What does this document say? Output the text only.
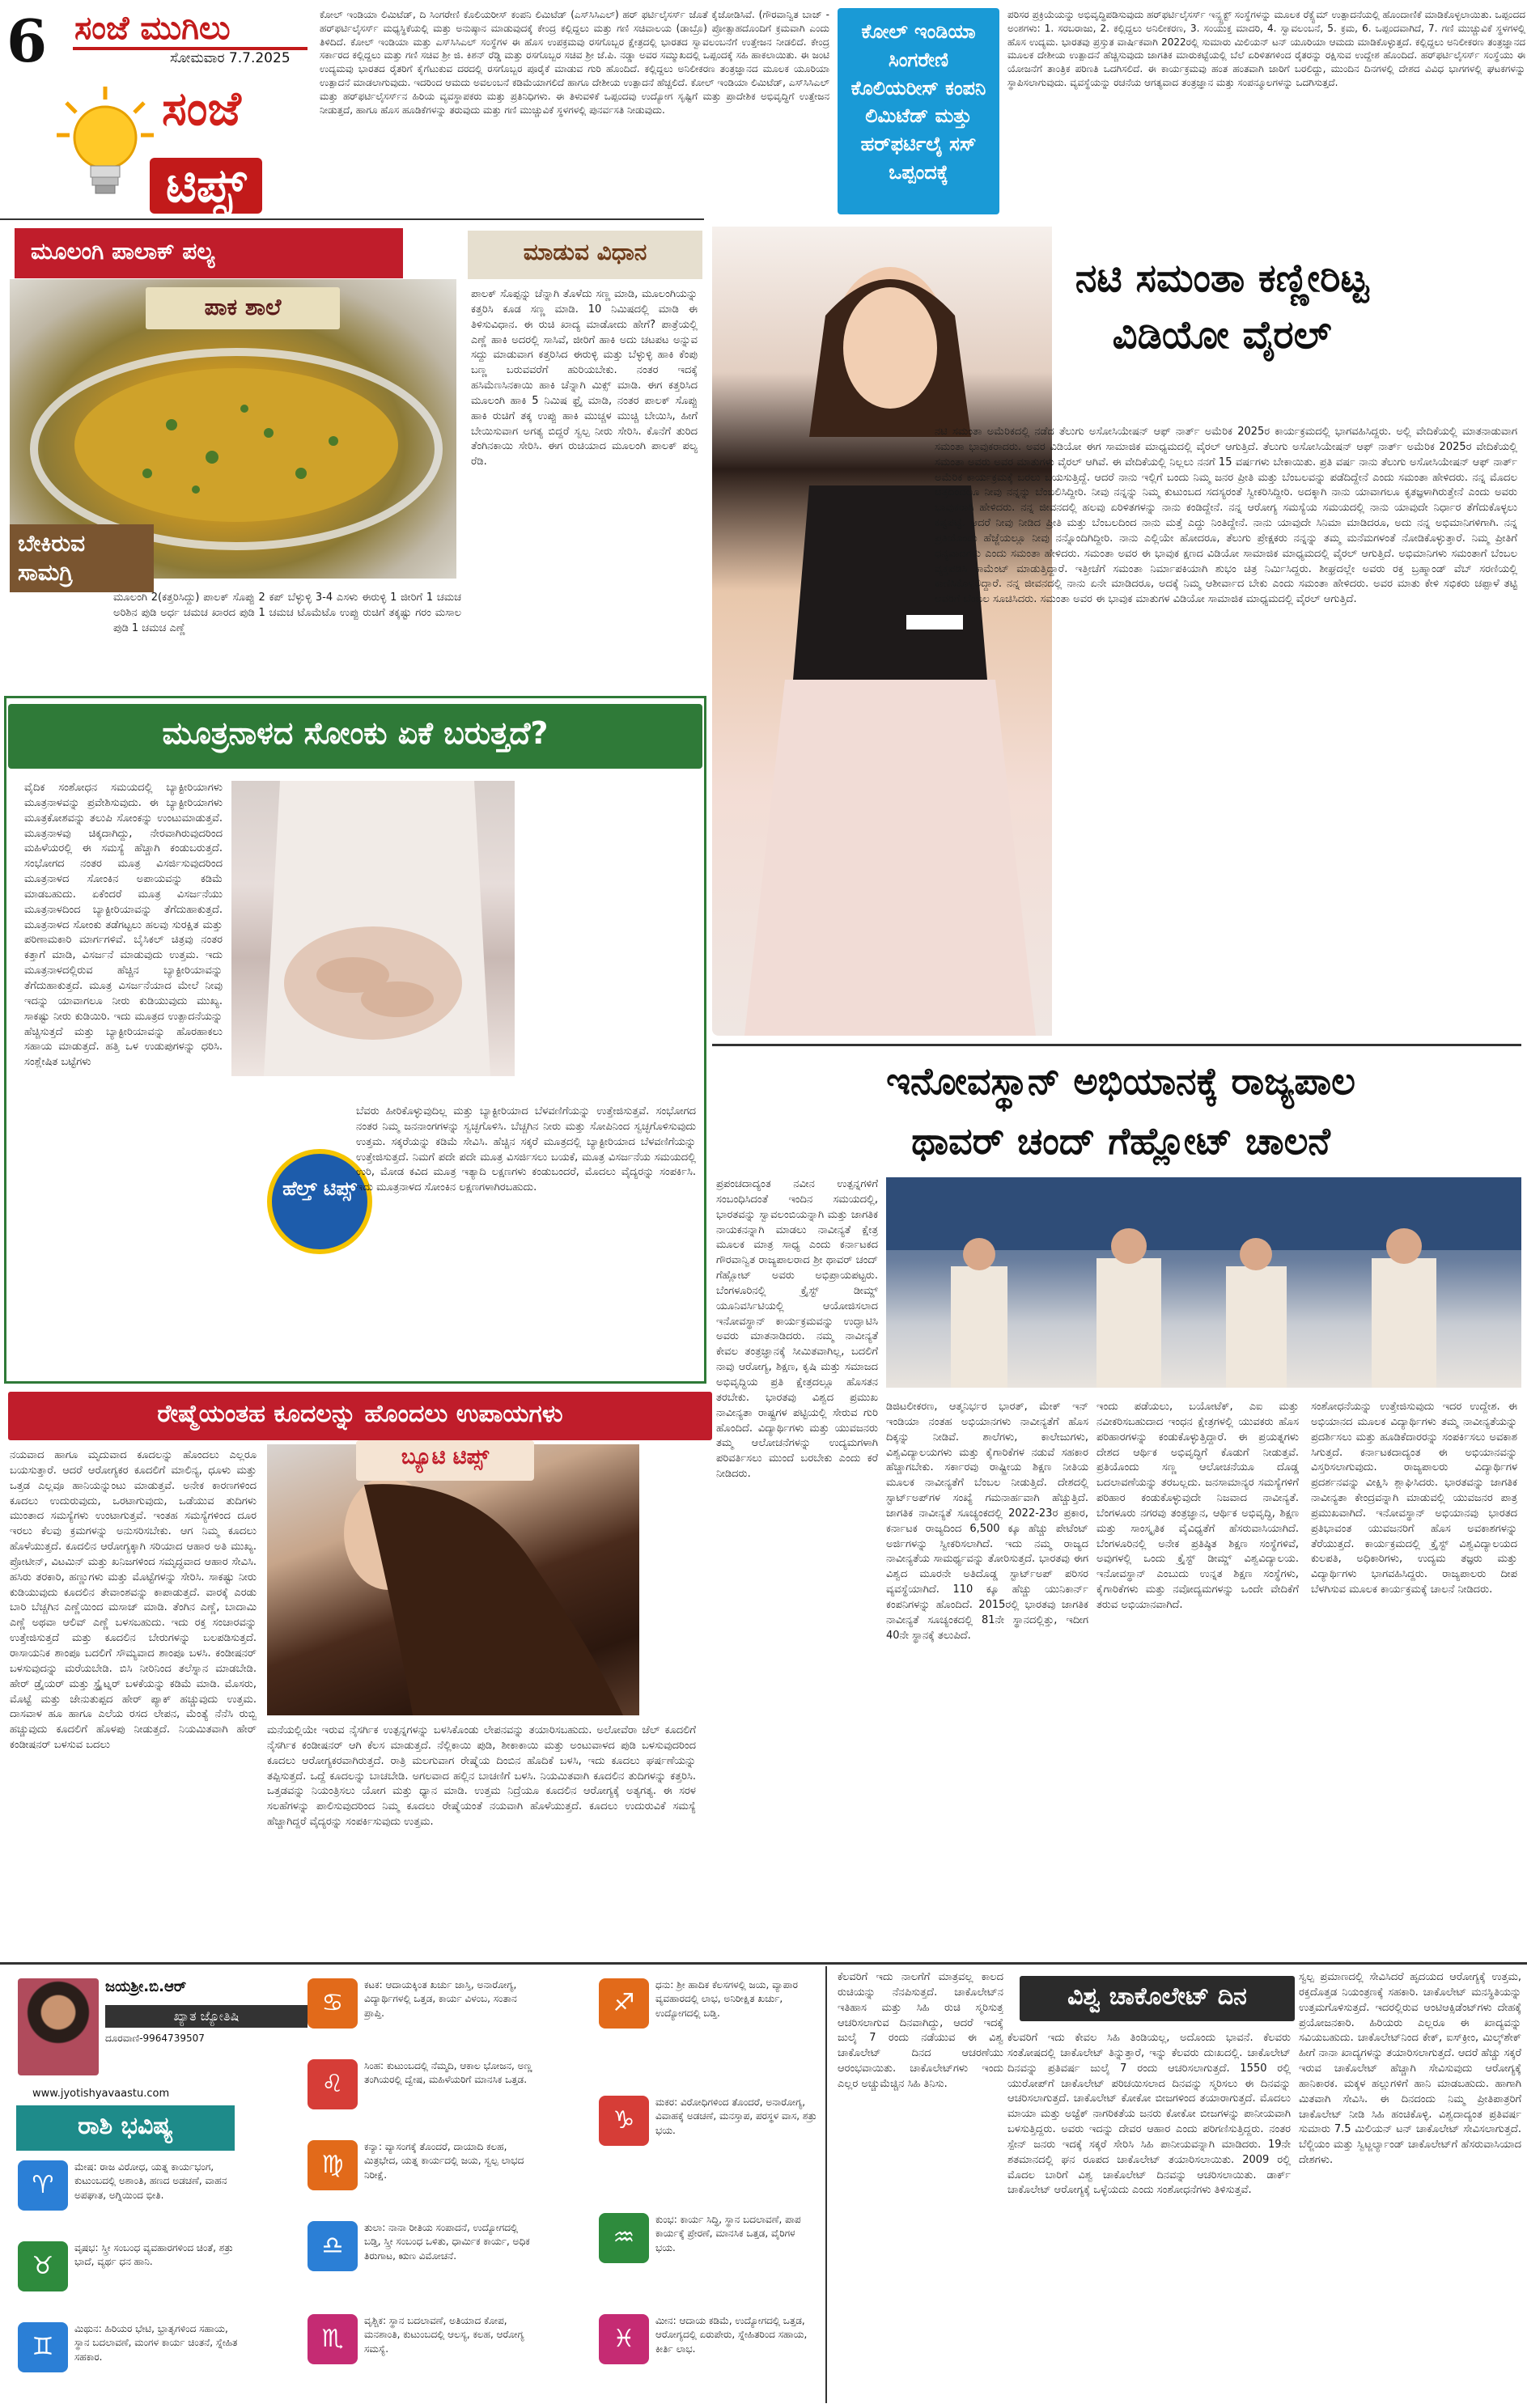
6 ಸಂಜೆ ಮುಗಿಲು
ಸೋಮವಾರ 7.7.2025
ಸಂಜೆ
ಟಿಪ್ಸ್
ಕೋಲ್ ಇಂಡಿಯಾ ಲಿಮಿಟೆಡ್, ದಿ ಸಿಂಗರೇಣಿ ಕೊಲಿಯರೀಸ್ ಕಂಪನಿ ಲಿಮಿಟೆಡ್ (ಎಸ್‌ಸಿಸಿಎಲ್) ಹರ್ ಫರ್ಟಿಲೈಸರ್ಸ್ ಜೊತೆ ಕೈಜೋಡಿಸಿವೆ. (ಗೌರವಾನ್ವಿತ ಬಾಜ್ - ಹರ್‌ಫರ್ಟಿಲೈಸರ್ಸ್ ಮಧ್ಯಸ್ಥಿಕೆಯಲ್ಲಿ ಮತ್ತು ಅನುಷ್ಠಾನ ಮಾಡುವುದಕ್ಕೆ ಕೇಂದ್ರ ಕಲ್ಲಿದ್ದಲು ಮತ್ತು ಗಣಿ ಸಚಿವಾಲಯ (ಡಾಬ್ರೊ) ಪ್ರೋತ್ಸಾಹದೊಂದಿಗೆ ಕ್ರಮವಾಗಿ ಎಂದು ತಿಳಿದಿದೆ. ಕೋಲ್ ಇಂಡಿಯಾ ಮತ್ತು ಎಸ್‌ಸಿಸಿಎಲ್ ಸಂಸ್ಥೆಗಳ ಈ ಹೊಸ ಉಪಕ್ರಮವು ರಸಗೊಬ್ಬರ ಕ್ಷೇತ್ರದಲ್ಲಿ ಭಾರತದ ಸ್ವಾವಲಂಬನೆಗೆ ಉತ್ತೇಜನ ನೀಡಲಿದೆ. ಕೇಂದ್ರ ಸರ್ಕಾರದ ಕಲ್ಲಿದ್ದಲು ಮತ್ತು ಗಣಿ ಸಚಿವ ಶ್ರೀ ಜಿ. ಕಿಶನ್ ರೆಡ್ಡಿ ಮತ್ತು ರಸಗೊಬ್ಬರ ಸಚಿವ ಶ್ರೀ ಜೆ.ಪಿ. ನಡ್ಡಾ ಅವರ ಸಮ್ಮುಖದಲ್ಲಿ ಒಪ್ಪಂದಕ್ಕೆ ಸಹಿ ಹಾಕಲಾಯಿತು. ಈ ಜಂಟಿ ಉದ್ಯಮವು ಭಾರತದ ರೈತರಿಗೆ ಕೈಗೆಟುಕುವ ದರದಲ್ಲಿ ರಸಗೊಬ್ಬರ ಪೂರೈಕೆ ಮಾಡುವ ಗುರಿ ಹೊಂದಿದೆ. ಕಲ್ಲಿದ್ದಲು ಅನಿಲೀಕರಣ ತಂತ್ರಜ್ಞಾನದ ಮೂಲಕ ಯೂರಿಯಾ ಉತ್ಪಾದನೆ ಮಾಡಲಾಗುವುದು. ಇದರಿಂದ ಆಮದು ಅವಲಂಬನೆ ಕಡಿಮೆಯಾಗಲಿದೆ ಹಾಗೂ ದೇಶೀಯ ಉತ್ಪಾದನೆ ಹೆಚ್ಚಲಿದೆ. ಕೋಲ್ ಇಂಡಿಯಾ ಲಿಮಿಟೆಡ್, ಎಸ್‌ಸಿಸಿಎಲ್ ಮತ್ತು ಹರ್‌ಫರ್ಟಿಲೈಸರ್ಸ್‌ನ ಹಿರಿಯ ವ್ಯವಸ್ಥಾಪಕರು ಮತ್ತು ಪ್ರತಿನಿಧಿಗಳು. ಈ ತಿಳುವಳಿಕೆ ಒಪ್ಪಂದವು ಉದ್ಯೋಗ ಸೃಷ್ಟಿಗೆ ಮತ್ತು ಪ್ರಾದೇಶಿಕ ಅಭಿವೃದ್ಧಿಗೆ ಉತ್ತೇಜನ ನೀಡುತ್ತದೆ, ಹಾಗೂ ಹೊಸ ಹೂಡಿಕೆಗಳನ್ನು ತರುವುದು ಮತ್ತು ಗಣಿ ಮುಚ್ಚುವಿಕೆ ಸ್ಥಳಗಳಲ್ಲಿ ಪುನರ್ವಸತಿ ನೀಡುವುದು.
ಕೋಲ್ ಇಂಡಿಯಾ ಸಿಂಗರೇಣಿ ಕೊಲಿಯರೀಸ್ ಕಂಪನಿ ಲಿಮಿಟೆಡ್ ಮತ್ತು ಹರ್‌ಫರ್ಟಿಲೈ ಸಸ್ ಒಪ್ಪಂದಕ್ಕೆ
ಪರಿಸರ ಪ್ರಕ್ರಿಯೆಯನ್ನು ಅಭಿವೃದ್ಧಿಪಡಿಸುವುದು ಹರ್‌ಫರ್ಟಿಲೈಸರ್ಸ್ ಇನ್ಸ್ಟ್ರಕ್ಟ್ ಸಂಸ್ಥೆಗಳನ್ನು ಮೂಲಕ ರೆಕ್ಸ್ಟೆಮ್ ಉತ್ಪಾದನೆಯಲ್ಲಿ ಹೊಂದಾಣಿಕೆ ಮಾಡಿಕೊಳ್ಳಲಾಯಿತು. ಒಪ್ಪಂದದ ಅಂಶಗಳು: 1. ಸರಬರಾಜು, 2. ಕಲ್ಲಿದ್ದಲು ಅನಿಲೀಕರಣ, 3. ಸಂಯುಕ್ತ ಮಾದರಿ, 4. ಸ್ವಾವಲಂಬನೆ, 5. ಕ್ರಮ, 6. ಒಪ್ಪಂದವಾಗಿದೆ, 7. ಗಣಿ ಮುಚ್ಚುವಿಕೆ ಸ್ಥಳಗಳಲ್ಲಿ ಹೊಸ ಉದ್ಯಮ. ಭಾರತವು ಪ್ರಸ್ತುತ ವಾರ್ಷಿಕವಾಗಿ 2022ರಲ್ಲಿ ಸುಮಾರು ಮಿಲಿಯನ್ ಟನ್ ಯೂರಿಯಾ ಆಮದು ಮಾಡಿಕೊಳ್ಳುತ್ತದೆ. ಕಲ್ಲಿದ್ದಲು ಅನಿಲೀಕರಣ ತಂತ್ರಜ್ಞಾನದ ಮೂಲಕ ದೇಶೀಯ ಉತ್ಪಾದನೆ ಹೆಚ್ಚಿಸುವುದು ಜಾಗತಿಕ ಮಾರುಕಟ್ಟೆಯಲ್ಲಿ ಬೆಲೆ ಏರಿಳಿತಗಳಿಂದ ರೈತರನ್ನು ರಕ್ಷಿಸುವ ಉದ್ದೇಶ ಹೊಂದಿದೆ. ಹರ್‌ಫರ್ಟಿಲೈಸರ್ಸ್ ಸಂಸ್ಥೆಯು ಈ ಯೋಜನೆಗೆ ತಾಂತ್ರಿಕ ಪರಿಣತಿ ಒದಗಿಸಲಿದೆ. ಈ ಕಾರ್ಯಕ್ರಮವು ಹಂತ ಹಂತವಾಗಿ ಜಾರಿಗೆ ಬರಲಿದ್ದು, ಮುಂದಿನ ದಿನಗಳಲ್ಲಿ ದೇಶದ ವಿವಿಧ ಭಾಗಗಳಲ್ಲಿ ಘಟಕಗಳನ್ನು ಸ್ಥಾಪಿಸಲಾಗುವುದು. ವ್ಯವಸ್ಥೆಯನ್ನು ರಚನೆಯ ಆಗತ್ಯವಾದ ತಂತ್ರಜ್ಞಾನ ಮತ್ತು ಸಂಪನ್ಮೂಲಗಳನ್ನು ಒದಗಿಸುತ್ತದೆ.
ಮೂಲಂಗಿ ಪಾಲಾಕ್ ಪಲ್ಯ	ಮಾಡುವ ವಿಧಾನ
ಪಾಕ ಶಾಲೆ
ಬೇಕಿರುವ ಸಾಮಗ್ರಿ
ಪಾಲಕ್ ಸೊಪ್ಪನ್ನು ಚೆನ್ನಾಗಿ ತೊಳೆದು ಸಣ್ಣ ಮಾಡಿ, ಮೂಲಂಗಿಯನ್ನು ಕತ್ತರಿಸಿ ಕೂಡ ಸಣ್ಣ ಮಾಡಿ. 10 ನಿಮಿಷದಲ್ಲಿ ಮಾಡಿ ಈ ತಿಳಿಸುವಿಧಾನ. ಈ ರುಚಿ ಖಾದ್ಯ ಮಾಡೋದು ಹೇಗೆ? ಪಾತ್ರೆಯಲ್ಲಿ ಎಣ್ಣೆ ಹಾಕಿ ಅದರಲ್ಲಿ ಸಾಸಿವೆ, ಜೀರಿಗೆ ಹಾಕಿ ಅದು ಚಟಪಟ ಅನ್ನುವ ಸದ್ದು ಮಾಡುವಾಗ ಕತ್ತರಿಸಿದ ಈರುಳ್ಳಿ ಮತ್ತು ಬೆಳ್ಳುಳ್ಳಿ ಹಾಕಿ ಕೆಂಪು ಬಣ್ಣ ಬರುವವರೆಗೆ ಹುರಿಯಬೇಕು. ನಂತರ ಇದಕ್ಕೆ ಹಸಿಮೆಣಸಿನಕಾಯಿ ಹಾಕಿ ಚೆನ್ನಾಗಿ ಮಿಕ್ಸ್ ಮಾಡಿ. ಈಗ ಕತ್ತರಿಸಿದ ಮೂಲಂಗಿ ಹಾಕಿ 5 ನಿಮಿಷ ಫ್ರೈ ಮಾಡಿ, ನಂತರ ಪಾಲಕ್ ಸೊಪ್ಪು ಹಾಕಿ ರುಚಿಗೆ ತಕ್ಕ ಉಪ್ಪು ಹಾಕಿ ಮುಚ್ಚಳ ಮುಚ್ಚಿ ಬೇಯಿಸಿ, ಹೀಗೆ ಬೇಯಿಸುವಾಗ ಅಗತ್ಯ ಬಿದ್ದರೆ ಸ್ವಲ್ಪ ನೀರು ಸೇರಿಸಿ. ಕೊನೆಗೆ ತುರಿದ ತೆಂಗಿನಕಾಯಿ ಸೇರಿಸಿ. ಈಗ ರುಚಿಯಾದ ಮೂಲಂಗಿ ಪಾಲಕ್ ಪಲ್ಯ ರೆಡಿ.
ಮೂಲಂಗಿ 2(ಕತ್ತರಿಸಿದ್ದು) ಪಾಲಕ್ ಸೊಪ್ಪು 2 ಕಪ್ ಬೆಳ್ಳುಳ್ಳಿ 3-4 ಎಸಳು ಈರುಳ್ಳಿ 1 ಜೀರಿಗೆ 1 ಚಮಚ ಅರಿಶಿನ ಪುಡಿ ಅರ್ಧ ಚಮಚ ಖಾರದ ಪುಡಿ 1 ಚಮಚ ಟೊಮೆಟೊ ಉಪ್ಪು ರುಚಿಗೆ ತಕ್ಕಷ್ಟು ಗರಂ ಮಸಾಲ ಪುಡಿ 1 ಚಮಚ ಎಣ್ಣೆ
ಮೂತ್ರನಾಳದ ಸೋಂಕು ಏಕೆ ಬರುತ್ತದೆ?
ವೈದಿಕ ಸಂಶೋಧನ ಸಮಯದಲ್ಲಿ ಬ್ಯಾಕ್ಟೀರಿಯಾಗಳು ಮೂತ್ರನಾಳವನ್ನು ಪ್ರವೇಶಿಸುವುದು. ಈ ಬ್ಯಾಕ್ಟೀರಿಯಾಗಳು ಮೂತ್ರಕೋಶವನ್ನು ತಲುಪಿ ಸೋಂಕನ್ನು ಉಂಟುಮಾಡುತ್ತವೆ. ಮೂತ್ರನಾಳವು ಚಿಕ್ಕದಾಗಿದ್ದು, ನೇರವಾಗಿರುವುದರಿಂದ ಮಹಿಳೆಯರಲ್ಲಿ ಈ ಸಮಸ್ಯೆ ಹೆಚ್ಚಾಗಿ ಕಂಡುಬರುತ್ತದೆ. ಸಂಭೋಗದ ನಂತರ ಮೂತ್ರ ವಿಸರ್ಜಿಸುವುದರಿಂದ ಮೂತ್ರನಾಳದ ಸೋಂಕಿನ ಅಪಾಯವನ್ನು ಕಡಿಮೆ ಮಾಡಬಹುದು. ಏಕೆಂದರೆ ಮೂತ್ರ ವಿಸರ್ಜನೆಯು ಮೂತ್ರನಾಳದಿಂದ ಬ್ಯಾಕ್ಟೀರಿಯಾವನ್ನು ತೆಗೆದುಹಾಕುತ್ತದೆ. ಮೂತ್ರನಾಳದ ಸೋಂಕು ತಡೆಗಟ್ಟಲು ಹಲವು ಸುರಕ್ಷಿತ ಮತ್ತು ಪರಿಣಾಮಕಾರಿ ಮಾರ್ಗಗಳಿವೆ. ಬೈಸಿಕಲ್ ಚಿತ್ರವು ನಂತರ ಕತ್ತಾಗೆ ಮಾಡಿ, ವಿಸರ್ಜನೆ ಮಾಡುವುದು ಉತ್ತಮ. ಇದು ಮೂತ್ರನಾಳದಲ್ಲಿರುವ ಹೆಚ್ಚಿನ ಬ್ಯಾಕ್ಟೀರಿಯಾವನ್ನು ತೆಗೆದುಹಾಕುತ್ತದೆ. ಮೂತ್ರ ವಿಸರ್ಜನೆಯಾದ ಮೇಲೆ ನೀವು ಇದನ್ನು ಯಾವಾಗಲೂ ನೀರು ಕುಡಿಯುವುದು ಮುಖ್ಯ. ಸಾಕಷ್ಟು ನೀರು ಕುಡಿಯಿರಿ. ಇದು ಮೂತ್ರದ ಉತ್ಪಾದನೆಯನ್ನು ಹೆಚ್ಚಿಸುತ್ತದೆ ಮತ್ತು ಬ್ಯಾಕ್ಟೀರಿಯಾವನ್ನು ಹೊರಹಾಕಲು ಸಹಾಯ ಮಾಡುತ್ತದೆ. ಹತ್ತಿ ಒಳ ಉಡುಪುಗಳನ್ನು ಧರಿಸಿ. ಸಂಶ್ಲೇಷಿತ ಬಟ್ಟೆಗಳು
ಹೆಲ್ತ್ ಟಿಪ್ಸ್
ಬೆವರು ಹೀರಿಕೊಳ್ಳುವುದಿಲ್ಲ ಮತ್ತು ಬ್ಯಾಕ್ಟೀರಿಯಾದ ಬೆಳವಣಿಗೆಯನ್ನು ಉತ್ತೇಜಿಸುತ್ತವೆ. ಸಂಭೋಗದ ನಂತರ ನಿಮ್ಮ ಜನನಾಂಗಗಳನ್ನು ಸ್ವಚ್ಛಗೊಳಿಸಿ. ಬೆಚ್ಚಗಿನ ನೀರು ಮತ್ತು ಸೋಪಿನಿಂದ ಸ್ವಚ್ಛಗೊಳಿಸುವುದು ಉತ್ತಮ. ಸಕ್ಕರೆಯನ್ನು ಕಡಿಮೆ ಸೇವಿಸಿ. ಹೆಚ್ಚಿನ ಸಕ್ಕರೆ ಮೂತ್ರದಲ್ಲಿ ಬ್ಯಾಕ್ಟೀರಿಯಾದ ಬೆಳವಣಿಗೆಯನ್ನು ಉತ್ತೇಜಿಸುತ್ತದೆ. ನಿಮಗೆ ಪದೇ ಪದೇ ಮೂತ್ರ ವಿಸರ್ಜಿಸಲು ಬಯಕೆ, ಮೂತ್ರ ವಿಸರ್ಜನೆಯ ಸಮಯದಲ್ಲಿ ಉರಿ, ಮೋಡ ಕವಿದ ಮೂತ್ರ ಇತ್ಯಾದಿ ಲಕ್ಷಣಗಳು ಕಂಡುಬಂದರೆ, ಮೊದಲು ವೈದ್ಯರನ್ನು ಸಂಪರ್ಕಿಸಿ. ಇದು ಮೂತ್ರನಾಳದ ಸೋಂಕಿನ ಲಕ್ಷಣಗಳಾಗಿರಬಹುದು.
ರೇಷ್ಮೆಯಂತಹ ಕೂದಲನ್ನು ಹೊಂದಲು ಉಪಾಯಗಳು
ಬ್ಯೂಟಿ ಟಿಪ್ಸ್
ನಯವಾದ ಹಾಗೂ ಮೃದುವಾದ ಕೂದಲನ್ನು ಹೊಂದಲು ಎಲ್ಲರೂ ಬಯಸುತ್ತಾರೆ. ಆದರೆ ಆರೋಗ್ಯಕರ ಕೂದಲಿಗೆ ಮಾಲಿನ್ಯ, ಧೂಳು ಮತ್ತು ಒತ್ತಡ ಎಲ್ಲವೂ ಹಾನಿಯನ್ನುಂಟು ಮಾಡುತ್ತವೆ. ಅನೇಕ ಕಾರಣಗಳಿಂದ ಕೂದಲು ಉದುರುವುದು, ಒರಟಾಗುವುದು, ಒಡೆಯುವ ತುದಿಗಳು ಮುಂತಾದ ಸಮಸ್ಯೆಗಳು ಉಂಟಾಗುತ್ತವೆ. ಇಂತಹ ಸಮಸ್ಯೆಗಳಿಂದ ದೂರ ಇರಲು ಕೆಲವು ಕ್ರಮಗಳನ್ನು ಅನುಸರಿಸಬೇಕು. ಆಗ ನಿಮ್ಮ ಕೂದಲು ಹೊಳೆಯುತ್ತದೆ. ಕೂದಲಿನ ಆರೋಗ್ಯಕ್ಕಾಗಿ ಸರಿಯಾದ ಆಹಾರ ಅತಿ ಮುಖ್ಯ. ಪ್ರೋಟೀನ್, ವಿಟಮಿನ್ ಮತ್ತು ಖನಿಜಗಳಿಂದ ಸಮೃದ್ಧವಾದ ಆಹಾರ ಸೇವಿಸಿ. ಹಸಿರು ತರಕಾರಿ, ಹಣ್ಣುಗಳು ಮತ್ತು ಮೊಟ್ಟೆಗಳನ್ನು ಸೇರಿಸಿ. ಸಾಕಷ್ಟು ನೀರು ಕುಡಿಯುವುದು ಕೂದಲಿನ ತೇವಾಂಶವನ್ನು ಕಾಪಾಡುತ್ತದೆ. ವಾರಕ್ಕೆ ಎರಡು ಬಾರಿ ಬೆಚ್ಚಗಿನ ಎಣ್ಣೆಯಿಂದ ಮಸಾಜ್ ಮಾಡಿ. ತೆಂಗಿನ ಎಣ್ಣೆ, ಬಾದಾಮಿ ಎಣ್ಣೆ ಅಥವಾ ಆಲಿವ್ ಎಣ್ಣೆ ಬಳಸಬಹುದು. ಇದು ರಕ್ತ ಸಂಚಾರವನ್ನು ಉತ್ತೇಜಿಸುತ್ತದೆ ಮತ್ತು ಕೂದಲಿನ ಬೇರುಗಳನ್ನು ಬಲಪಡಿಸುತ್ತದೆ. ರಾಸಾಯನಿಕ ಶಾಂಪೂ ಬದಲಿಗೆ ಸೌಮ್ಯವಾದ ಶಾಂಪೂ ಬಳಸಿ. ಕಂಡೀಷನರ್ ಬಳಸುವುದನ್ನು ಮರೆಯಬೇಡಿ. ಬಿಸಿ ನೀರಿನಿಂದ ತಲೆಸ್ನಾನ ಮಾಡಬೇಡಿ. ಹೇರ್ ಡ್ರೈಯರ್ ಮತ್ತು ಸ್ಟ್ರೈಟ್ನರ್ ಬಳಕೆಯನ್ನು ಕಡಿಮೆ ಮಾಡಿ. ಮೊಸರು, ಮೊಟ್ಟೆ ಮತ್ತು ಜೇನುತುಪ್ಪದ ಹೇರ್ ಪ್ಯಾಕ್ ಹಚ್ಚುವುದು ಉತ್ತಮ. ದಾಸವಾಳ ಹೂ ಹಾಗೂ ಎಲೆಯ ರಸದ ಲೇಪನ, ಮೆಂತ್ಯೆ ನೆನೆಸಿ ರುಬ್ಬಿ ಹಚ್ಚುವುದು ಕೂದಲಿಗೆ ಹೊಳಪು ನೀಡುತ್ತದೆ. ನಿಯಮಿತವಾಗಿ ಹೇರ್ ಕಂಡೀಷನರ್ ಬಳಸುವ ಬದಲು
ಮನೆಯಲ್ಲಿಯೇ ಇರುವ ನೈಸರ್ಗಿಕ ಉತ್ಪನ್ನಗಳನ್ನು ಬಳಸಿಕೊಂಡು ಲೇಪನವನ್ನು ತಯಾರಿಸಬಹುದು. ಅಲೋವೆರಾ ಜೆಲ್ ಕೂದಲಿಗೆ ನೈಸರ್ಗಿಕ ಕಂಡೀಷನರ್ ಆಗಿ ಕೆಲಸ ಮಾಡುತ್ತದೆ. ನೆಲ್ಲಿಕಾಯಿ ಪುಡಿ, ಶೀಕಾಕಾಯಿ ಮತ್ತು ಅಂಟುವಾಳದ ಪುಡಿ ಬಳಸುವುದರಿಂದ ಕೂದಲು ಆರೋಗ್ಯಕರವಾಗಿರುತ್ತದೆ. ರಾತ್ರಿ ಮಲಗುವಾಗ ರೇಷ್ಮೆಯ ದಿಂಬಿನ ಹೊದಿಕೆ ಬಳಸಿ, ಇದು ಕೂದಲು ಘರ್ಷಣೆಯನ್ನು ತಪ್ಪಿಸುತ್ತದೆ. ಒದ್ದೆ ಕೂದಲನ್ನು ಬಾಚಬೇಡಿ. ಅಗಲವಾದ ಹಲ್ಲಿನ ಬಾಚಣಿಗೆ ಬಳಸಿ. ನಿಯಮಿತವಾಗಿ ಕೂದಲಿನ ತುದಿಗಳನ್ನು ಕತ್ತರಿಸಿ. ಒತ್ತಡವನ್ನು ನಿಯಂತ್ರಿಸಲು ಯೋಗ ಮತ್ತು ಧ್ಯಾನ ಮಾಡಿ. ಉತ್ತಮ ನಿದ್ರೆಯೂ ಕೂದಲಿನ ಆರೋಗ್ಯಕ್ಕೆ ಅತ್ಯಗತ್ಯ. ಈ ಸರಳ ಸಲಹೆಗಳನ್ನು ಪಾಲಿಸುವುದರಿಂದ ನಿಮ್ಮ ಕೂದಲು ರೇಷ್ಮೆಯಂತೆ ನಯವಾಗಿ ಹೊಳೆಯುತ್ತದೆ. ಕೂದಲು ಉದುರುವಿಕೆ ಸಮಸ್ಯೆ ಹೆಚ್ಚಾಗಿದ್ದರೆ ವೈದ್ಯರನ್ನು ಸಂಪರ್ಕಿಸುವುದು ಉತ್ತಮ.
ನಟಿ ಸಮಂತಾ ಕಣ್ಣೀರಿಟ್ಟ
ವಿಡಿಯೋ ವೈರಲ್
ನಟಿ ಸಮಂತಾ ಅಮೆರಿಕದಲ್ಲಿ ನಡೆದ ತೆಲುಗು ಅಸೋಸಿಯೇಷನ್ ಆಫ್ ನಾರ್ತ್ ಅಮೆರಿಕ 2025ರ ಕಾರ್ಯಕ್ರಮದಲ್ಲಿ ಭಾಗವಹಿಸಿದ್ದರು. ಅಲ್ಲಿ ವೇದಿಕೆಯಲ್ಲಿ ಮಾತನಾಡುವಾಗ ಸಮಂತಾ ಭಾವುಕರಾದರು. ಅವರ ವಿಡಿಯೋ ಈಗ ಸಾಮಾಜಿಕ ಮಾಧ್ಯಮದಲ್ಲಿ ವೈರಲ್ ಆಗುತ್ತಿದೆ. ತೆಲುಗು ಅಸೋಸಿಯೇಷನ್ ಆಫ್ ನಾರ್ತ್ ಅಮೆರಿಕ 2025ರ ವೇದಿಕೆಯಲ್ಲಿ ಸಮಂತಾ ಅವರು ಅವರ ಮಾತುಗಳು ವೈರಲ್ ಆಗಿವೆ. ಈ ವೇದಿಕೆಯಲ್ಲಿ ನಿಲ್ಲಲು ನನಗೆ 15 ವರ್ಷಗಳು ಬೇಕಾಯಿತು. ಪ್ರತಿ ವರ್ಷ ನಾನು ತೆಲುಗು ಅಸೋಸಿಯೇಷನ್ ಆಫ್ ನಾರ್ತ್ ಅಮೆರಿಕ ಕಾರ್ಯಕ್ರಮಕ್ಕೆ ಬರಲು ಬಯಸುತ್ತಿದ್ದೆ. ಆದರೆ ನಾನು ಇಲ್ಲಿಗೆ ಬಂದು ನಿಮ್ಮ ಜನರ ಪ್ರೀತಿ ಮತ್ತು ಬೆಂಬಲವನ್ನು ಪಡೆದಿದ್ದೇನೆ ಎಂದು ಸಮಂತಾ ಹೇಳಿದರು. ನನ್ನ ಮೊದಲ ಚಿತ್ರದಿಂದಲೂ ನೀವು ನನ್ನನ್ನು ಬೆಂಬಲಿಸಿದ್ದೀರಿ. ನೀವು ನನ್ನನ್ನು ನಿಮ್ಮ ಕುಟುಂಬದ ಸದಸ್ಯರಂತೆ ಸ್ವೀಕರಿಸಿದ್ದೀರಿ. ಅದಕ್ಕಾಗಿ ನಾನು ಯಾವಾಗಲೂ ಕೃತಜ್ಞಳಾಗಿರುತ್ತೇನೆ ಎಂದು ಅವರು ಭಾವುಕರಾಗಿ ಹೇಳಿದರು. ನನ್ನ ಜೀವನದಲ್ಲಿ ಹಲವು ಏರಿಳಿತಗಳನ್ನು ನಾನು ಕಂಡಿದ್ದೇನೆ. ನನ್ನ ಆರೋಗ್ಯ ಸಮಸ್ಯೆಯ ಸಮಯದಲ್ಲಿ ನಾನು ಯಾವುದೇ ನಿರ್ಧಾರ ತೆಗೆದುಕೊಳ್ಳಲು ಕಷ್ಟಪಟ್ಟೆ. ಆದರೆ ನೀವು ನೀಡಿದ ಪ್ರೀತಿ ಮತ್ತು ಬೆಂಬಲದಿಂದ ನಾನು ಮತ್ತೆ ಎದ್ದು ನಿಂತಿದ್ದೇನೆ. ನಾನು ಯಾವುದೇ ಸಿನಿಮಾ ಮಾಡಿದರೂ, ಅದು ನನ್ನ ಅಭಿಮಾನಿಗಳಿಗಾಗಿ. ನನ್ನ ಪ್ರತಿಯೊಂದು ಹೆಜ್ಜೆಯಲ್ಲೂ ನೀವು ನನ್ನೊಂದಿಗಿದ್ದೀರಿ. ನಾನು ಎಲ್ಲಿಯೇ ಹೋದರೂ, ತೆಲುಗು ಪ್ರೇಕ್ಷಕರು ನನ್ನನ್ನು ತಮ್ಮ ಮನೆಮಗಳಂತೆ ನೋಡಿಕೊಳ್ಳುತ್ತಾರೆ. ನಿಮ್ಮ ಪ್ರೀತಿಗೆ ಧನ್ಯವಾದಗಳು ಎಂದು ಸಮಂತಾ ಹೇಳಿದರು. ಸಮಂತಾ ಅವರ ಈ ಭಾವುಕ ಕ್ಷಣದ ವಿಡಿಯೋ ಸಾಮಾಜಿಕ ಮಾಧ್ಯಮದಲ್ಲಿ ವೈರಲ್ ಆಗುತ್ತಿದೆ. ಅಭಿಮಾನಿಗಳು ಸಮಂತಾಗೆ ಬೆಂಬಲ ವ್ಯಕ್ತಪಡಿಸಿ ಕಾಮೆಂಟ್ ಮಾಡುತ್ತಿದ್ದಾರೆ. ಇತ್ತೀಚೆಗೆ ಸಮಂತಾ ನಿರ್ಮಾಪಕಿಯಾಗಿ ಶುಭಂ ಚಿತ್ರ ನಿರ್ಮಿಸಿದ್ದರು. ಶೀಘ್ರದಲ್ಲೇ ಅವರು ರಕ್ತ ಬ್ರಹ್ಮಾಂಡ್ ವೆಬ್ ಸರಣಿಯಲ್ಲಿ ಕಾಣಿಸಿಕೊಳ್ಳಲಿದ್ದಾರೆ. ನನ್ನ ಜೀವನದಲ್ಲಿ ನಾನು ಏನೇ ಮಾಡಿದರೂ, ಅದಕ್ಕೆ ನಿಮ್ಮ ಆಶೀರ್ವಾದ ಬೇಕು ಎಂದು ಸಮಂತಾ ಹೇಳಿದರು. ಅವರ ಮಾತು ಕೇಳಿ ಸಭಿಕರು ಚಪ್ಪಾಳೆ ತಟ್ಟಿ ಅವರಿಗೆ ಬೆಂಬಲ ಸೂಚಿಸಿದರು. ಸಮಂತಾ ಅವರ ಈ ಭಾವುಕ ಮಾತುಗಳ ವಿಡಿಯೋ ಸಾಮಾಜಿಕ ಮಾಧ್ಯಮದಲ್ಲಿ ವೈರಲ್ ಆಗುತ್ತಿದೆ.
ಇನೋವಸ್ಥಾನ್ ಅಭಿಯಾನಕ್ಕೆ ರಾಜ್ಯಪಾಲ
ಥಾವರ್ ಚಂದ್ ಗೆಹ್ಲೋಟ್ ಚಾಲನೆ
ಪ್ರಪಂಚದಾದ್ಯಂತ ನವೀನ ಉತ್ಪನ್ನಗಳಿಗೆ ಸಂಬಂಧಿಸಿದಂತೆ ಇಂದಿನ ಸಮಯದಲ್ಲಿ, ಭಾರತವನ್ನು ಸ್ವಾವಲಂಬಿಯನ್ನಾಗಿ ಮತ್ತು ಜಾಗತಿಕ ನಾಯಕನನ್ನಾಗಿ ಮಾಡಲು ನಾವೀನ್ಯತೆ ಕ್ಷೇತ್ರ ಮೂಲಕ ಮಾತ್ರ ಸಾಧ್ಯ ಎಂದು ಕರ್ನಾಟಕದ ಗೌರವಾನ್ವಿತ ರಾಜ್ಯಪಾಲರಾದ ಶ್ರೀ ಥಾವರ್ ಚಂದ್ ಗೆಹ್ಲೋಟ್ ಅವರು ಅಭಿಪ್ರಾಯಪಟ್ಟರು. ಬೆಂಗಳೂರಿನಲ್ಲಿ ಕ್ರೈಸ್ಟ್ ಡೀಮ್ಡ್ ಯೂನಿವರ್ಸಿಟಿಯಲ್ಲಿ ಆಯೋಜಿಸಲಾದ ಇನೋವಸ್ಥಾನ್ ಕಾರ್ಯಕ್ರಮವನ್ನು ಉದ್ಘಾಟಿಸಿ ಅವರು ಮಾತನಾಡಿದರು. ನಮ್ಮ ನಾವೀನ್ಯತೆ ಕೇವಲ ತಂತ್ರಜ್ಞಾನಕ್ಕೆ ಸೀಮಿತವಾಗಿಲ್ಲ, ಬದಲಿಗೆ ನಾವು ಆರೋಗ್ಯ, ಶಿಕ್ಷಣ, ಕೃಷಿ ಮತ್ತು ಸಮಾಜದ ಅಭಿವೃದ್ಧಿಯ ಪ್ರತಿ ಕ್ಷೇತ್ರದಲ್ಲೂ ಹೊಸತನ ತರಬೇಕು. ಭಾರತವು ವಿಶ್ವದ ಪ್ರಮುಖ ನಾವೀನ್ಯತಾ ರಾಷ್ಟ್ರಗಳ ಪಟ್ಟಿಯಲ್ಲಿ ಸೇರುವ ಗುರಿ ಹೊಂದಿದೆ. ವಿದ್ಯಾರ್ಥಿಗಳು ಮತ್ತು ಯುವಜನರು ತಮ್ಮ ಆಲೋಚನೆಗಳನ್ನು ಉದ್ಯಮಗಳಾಗಿ ಪರಿವರ್ತಿಸಲು ಮುಂದೆ ಬರಬೇಕು ಎಂದು ಕರೆ ನೀಡಿದರು.
ಡಿಜಿಟಲೀಕರಣ, ಆತ್ಮನಿರ್ಭರ ಭಾರತ್, ಮೇಕ್ ಇನ್ ಇಂಡಿಯಾ ನಂತಹ ಅಭಿಯಾನಗಳು ನಾವೀನ್ಯತೆಗೆ ಹೊಸ ದಿಕ್ಕನ್ನು ನೀಡಿವೆ. ಶಾಲೆಗಳು, ಕಾಲೇಜುಗಳು, ವಿಶ್ವವಿದ್ಯಾಲಯಗಳು ಮತ್ತು ಕೈಗಾರಿಕೆಗಳ ನಡುವೆ ಸಹಕಾರ ಹೆಚ್ಚಾಗಬೇಕು. ಸರ್ಕಾರವು ರಾಷ್ಟ್ರೀಯ ಶಿಕ್ಷಣ ನೀತಿಯ ಮೂಲಕ ನಾವೀನ್ಯತೆಗೆ ಬೆಂಬಲ ನೀಡುತ್ತಿದೆ. ದೇಶದಲ್ಲಿ ಸ್ಟಾರ್ಟ್‌ಅಪ್‌ಗಳ ಸಂಖ್ಯೆ ಗಮನಾರ್ಹವಾಗಿ ಹೆಚ್ಚುತ್ತಿದೆ. ಜಾಗತಿಕ ನಾವೀನ್ಯತೆ ಸೂಚ್ಯಂಕದಲ್ಲಿ 2022-23ರ ಪ್ರಕಾರ, ಕರ್ನಾಟಕ ರಾಜ್ಯದಿಂದ 6,500 ಕ್ಕೂ ಹೆಚ್ಚು ಪೇಟೆಂಟ್ ಅರ್ಜಿಗಳನ್ನು ಸ್ವೀಕರಿಸಲಾಗಿದೆ. ಇದು ನಮ್ಮ ರಾಜ್ಯದ ನಾವೀನ್ಯತೆಯ ಸಾಮರ್ಥ್ಯವನ್ನು ತೋರಿಸುತ್ತದೆ. ಭಾರತವು ಈಗ ವಿಶ್ವದ ಮೂರನೇ ಅತಿದೊಡ್ಡ ಸ್ಟಾರ್ಟ್‌ಅಪ್ ಪರಿಸರ ವ್ಯವಸ್ಥೆಯಾಗಿದೆ. 110 ಕ್ಕೂ ಹೆಚ್ಚು ಯುನಿಕಾರ್ನ್ ಕಂಪನಿಗಳನ್ನು ಹೊಂದಿದೆ. 2015ರಲ್ಲಿ ಭಾರತವು ಜಾಗತಿಕ ನಾವೀನ್ಯತೆ ಸೂಚ್ಯಂಕದಲ್ಲಿ 81ನೇ ಸ್ಥಾನದಲ್ಲಿತ್ತು, ಇದೀಗ 40ನೇ ಸ್ಥಾನಕ್ಕೆ ತಲುಪಿದೆ.
ಇಂದು ಪಡೆಯಲು, ಬಯೋಟೆಕ್, ಎಐ ಮತ್ತು ನವೀಕರಿಸಬಹುದಾದ ಇಂಧನ ಕ್ಷೇತ್ರಗಳಲ್ಲಿ ಯುವಕರು ಹೊಸ ಪರಿಹಾರಗಳನ್ನು ಕಂಡುಕೊಳ್ಳುತ್ತಿದ್ದಾರೆ. ಈ ಪ್ರಯತ್ನಗಳು ದೇಶದ ಆರ್ಥಿಕ ಅಭಿವೃದ್ಧಿಗೆ ಕೊಡುಗೆ ನೀಡುತ್ತವೆ. ಪ್ರತಿಯೊಂದು ಸಣ್ಣ ಆಲೋಚನೆಯೂ ದೊಡ್ಡ ಬದಲಾವಣೆಯನ್ನು ತರಬಲ್ಲದು. ಜನಸಾಮಾನ್ಯರ ಸಮಸ್ಯೆಗಳಿಗೆ ಪರಿಹಾರ ಕಂಡುಕೊಳ್ಳುವುದೇ ನಿಜವಾದ ನಾವೀನ್ಯತೆ. ಬೆಂಗಳೂರು ನಗರವು ತಂತ್ರಜ್ಞಾನ, ಆರ್ಥಿಕ ಅಭಿವೃದ್ಧಿ, ಶಿಕ್ಷಣ ಮತ್ತು ಸಾಂಸ್ಕೃತಿಕ ವೈವಿಧ್ಯತೆಗೆ ಹೆಸರುವಾಸಿಯಾಗಿದೆ. ಬೆಂಗಳೂರಿನಲ್ಲಿ ಅನೇಕ ಪ್ರತಿಷ್ಠಿತ ಶಿಕ್ಷಣ ಸಂಸ್ಥೆಗಳಿವೆ, ಅವುಗಳಲ್ಲಿ ಒಂದು ಕ್ರೈಸ್ಟ್ ಡೀಮ್ಡ್ ವಿಶ್ವವಿದ್ಯಾಲಯ. ಇನೋವಸ್ಥಾನ್ ಎಂಬುದು ಉನ್ನತ ಶಿಕ್ಷಣ ಸಂಸ್ಥೆಗಳು, ಕೈಗಾರಿಕೆಗಳು ಮತ್ತು ನವೋದ್ಯಮಗಳನ್ನು ಒಂದೇ ವೇದಿಕೆಗೆ ತರುವ ಅಭಿಯಾನವಾಗಿದೆ.
ಸಂಶೋಧನೆಯನ್ನು ಉತ್ತೇಜಿಸುವುದು ಇದರ ಉದ್ದೇಶ. ಈ ಅಭಿಯಾನದ ಮೂಲಕ ವಿದ್ಯಾರ್ಥಿಗಳು ತಮ್ಮ ನಾವೀನ್ಯತೆಯನ್ನು ಪ್ರದರ್ಶಿಸಲು ಮತ್ತು ಹೂಡಿಕೆದಾರರನ್ನು ಸಂಪರ್ಕಿಸಲು ಅವಕಾಶ ಸಿಗುತ್ತದೆ. ಕರ್ನಾಟಕದಾದ್ಯಂತ ಈ ಅಭಿಯಾನವನ್ನು ವಿಸ್ತರಿಸಲಾಗುವುದು. ರಾಜ್ಯಪಾಲರು ವಿದ್ಯಾರ್ಥಿಗಳ ಪ್ರದರ್ಶನವನ್ನು ವೀಕ್ಷಿಸಿ ಶ್ಲಾಘಿಸಿದರು. ಭಾರತವನ್ನು ಜಾಗತಿಕ ನಾವೀನ್ಯತಾ ಕೇಂದ್ರವನ್ನಾಗಿ ಮಾಡುವಲ್ಲಿ ಯುವಜನರ ಪಾತ್ರ ಪ್ರಮುಖವಾಗಿದೆ. ಇನೋವಸ್ಥಾನ್ ಅಭಿಯಾನವು ಭಾರತದ ಪ್ರತಿಭಾವಂತ ಯುವಜನರಿಗೆ ಹೊಸ ಅವಕಾಶಗಳನ್ನು ತೆರೆಯುತ್ತದೆ. ಕಾರ್ಯಕ್ರಮದಲ್ಲಿ ಕ್ರೈಸ್ಟ್ ವಿಶ್ವವಿದ್ಯಾಲಯದ ಕುಲಪತಿ, ಅಧಿಕಾರಿಗಳು, ಉದ್ಯಮ ತಜ್ಞರು ಮತ್ತು ವಿದ್ಯಾರ್ಥಿಗಳು ಭಾಗವಹಿಸಿದ್ದರು. ರಾಜ್ಯಪಾಲರು ದೀಪ ಬೆಳಗಿಸುವ ಮೂಲಕ ಕಾರ್ಯಕ್ರಮಕ್ಕೆ ಚಾಲನೆ ನೀಡಿದರು.
ಜಯಶ್ರೀ.ಬಿ.ಆರ್
ಖ್ಯಾತ ಜ್ಯೋತಿಷಿ
ದೂರವಾಣಿ-9964739507
www.jyotishyavaastu.com
ರಾಶಿ ಭವಿಷ್ಯ
♈
ಮೇಷ: ರಾಜ ವಿರೋಧ, ಯತ್ನ ಕಾರ್ಯಭಂಗ, ಕುಟುಂಬದಲ್ಲಿ ಅಶಾಂತಿ, ಹಣದ ಅಡಚಣೆ, ವಾಹನ ಅಪಘಾತ, ಅಗ್ನಿಯಿಂದ ಭೀತಿ.
♉
ವೃಷಭ: ಸ್ತ್ರೀ ಸಂಬಂಧ ವ್ಯವಹಾರಗಳಿಂದ ಚಿಂತೆ, ಶತ್ರು ಭಾದೆ, ವ್ಯರ್ಥ ಧನ ಹಾನಿ.
♊
ಮಿಥುನ: ಹಿರಿಯರ ಭೇಟಿ, ಭ್ರಾತೃಗಳಿಂದ ಸಹಾಯ, ಸ್ಥಾನ ಬದಲಾವಣೆ, ಮಂಗಳ ಕಾರ್ಯ ಚಿಂತನೆ, ಸ್ನೇಹಿತ ಸಹಕಾರ.
♋
ಕಟಕ: ಆದಾಯಕ್ಕಿಂತ ಖರ್ಚು ಜಾಸ್ತಿ, ಅನಾರೋಗ್ಯ, ವಿದ್ಯಾರ್ಥಿಗಳಲ್ಲಿ ಒತ್ತಡ, ಕಾರ್ಯ ವಿಳಂಬ, ಸಂತಾನ ಪ್ರಾಪ್ತಿ.
♌
ಸಿಂಹ: ಕುಟುಂಬದಲ್ಲಿ ನೆಮ್ಮದಿ, ಆಕಾಲ ಭೋಜನ, ಅಣ್ಣ ತಂಗಿಯರಲ್ಲಿ ದ್ವೇಷ, ಮಹಿಳೆಯರಿಗೆ ಮಾನಸಿಕ ಒತ್ತಡ.
♍
ಕನ್ಯಾ: ವ್ಯಾಸಂಗಕ್ಕೆ ತೊಂದರೆ, ದಾಯಾದಿ ಕಲಹ, ಮಿತ್ರಭೇದ, ಯತ್ನ ಕಾರ್ಯದಲ್ಲಿ ಜಯ, ಸ್ವಲ್ಪ ಲಾಭದ ನಿರೀಕ್ಷೆ.
♎
ತುಲಾ: ನಾನಾ ರೀತಿಯ ಸಂಪಾದನೆ, ಉದ್ಯೋಗದಲ್ಲಿ ಬಡ್ತಿ, ಸ್ತ್ರೀ ಸಂಬಂಧ ಒಳಿತು, ಧಾರ್ಮಿಕ ಕಾರ್ಯ, ಅಧಿಕ ತಿರುಗಾಟ, ಋಣ ವಿಮೋಚನೆ.
♏
ವೃಶ್ಚಿಕ: ಸ್ಥಾನ ಬದಲಾವಣೆ, ಅತಿಯಾದ ಕೋಪ, ಮನಶಾಂತಿ, ಕುಟುಂಬದಲ್ಲಿ ಆಲಸ್ಯ, ಕಲಹ, ಆರೋಗ್ಯ ಸಮಸ್ಯೆ.
♐
ಧನು: ಶ್ರೀ ಹಾದಿಕ ಕೆಲಸಗಳಲ್ಲಿ ಜಯ, ವ್ಯಾಪಾರ ವ್ಯವಹಾರದಲ್ಲಿ ಲಾಭ, ಅನಿರೀಕ್ಷಿತ ಖರ್ಚು, ಉದ್ಯೋಗದಲ್ಲಿ ಬಡ್ತಿ.
♑
ಮಕರ: ವಿರೋಧಿಗಳಿಂದ ತೊಂದರೆ, ಅನಾರೋಗ್ಯ, ವಿವಾಹಕ್ಕೆ ಅಡಚಣೆ, ಮನಸ್ತಾಪ, ಪರಸ್ಥಳ ವಾಸ, ಶತ್ರು ಭಯ.
♒
ಕುಂಭ: ಕಾರ್ಯ ಸಿದ್ಧಿ, ಸ್ಥಾನ ಬದಲಾವಣೆ, ಪಾಪ ಕಾರ್ಯಕ್ಕೆ ಪ್ರೇರಣೆ, ಮಾನಸಿಕ ಒತ್ತಡ, ವೈರಿಗಳ ಭಯ.
♓
ಮೀನ: ಆದಾಯ ಕಡಿಮೆ, ಉದ್ಯೋಗದಲ್ಲಿ ಒತ್ತಡ, ಆರೋಗ್ಯದಲ್ಲಿ ಏರುಪೇರು, ಸ್ನೇಹಿತರಿಂದ ಸಹಾಯ, ಕೀರ್ತಿ ಲಾಭ.
ವಿಶ್ವ ಚಾಕೊಲೇಟ್ ದಿನ
ಕೆಲವರಿಗೆ ಇದು ನಾಲಗೆಗೆ ಮಾತ್ರವಲ್ಲ ಕಾಲದ ರುಚಿಯನ್ನು ನೆನಪಿಸುತ್ತದೆ. ಚಾಕೊಲೇಟ್‌ನ ಇತಿಹಾಸ ಮತ್ತು ಸಿಹಿ ರುಚಿ ಸ್ಮರಿಸುತ್ತ ಆಚರಿಸಲಾಗುವ ದಿನವಾಗಿದ್ದು, ಆದರೆ ಇದಕ್ಕೆ ಜುಲೈ 7 ರಂದು ನಡೆಯುವ ಈ ವಿಶ್ವ ಚಾಕೊಲೇಟ್ ದಿನದ ಆಚರಣೆಯು ಆರಂಭವಾಯಿತು. ಚಾಕೊಲೇಟ್‌ಗಳು ಇಂದು ಎಲ್ಲರ ಅಚ್ಚುಮೆಚ್ಚಿನ ಸಿಹಿ ತಿನಿಸು.
ಕೆಲವರಿಗೆ ಇದು ಕೇವಲ ಸಿಹಿ ತಿಂಡಿಯಲ್ಲ, ಅದೊಂದು ಭಾವನೆ. ಕೆಲವರು ಸಂತೋಷದಲ್ಲಿ ಚಾಕೊಲೇಟ್ ತಿನ್ನುತ್ತಾರೆ, ಇನ್ನು ಕೆಲವರು ದುಃಖದಲ್ಲಿ. ಚಾಕೊಲೇಟ್ ದಿನವನ್ನು ಪ್ರತಿವರ್ಷ ಜುಲೈ 7 ರಂದು ಆಚರಿಸಲಾಗುತ್ತದೆ. 1550 ರಲ್ಲಿ ಯುರೋಪ್‌ಗೆ ಚಾಕೊಲೇಟ್ ಪರಿಚಯಿಸಲಾದ ದಿನವನ್ನು ಸ್ಮರಿಸಲು ಈ ದಿನವನ್ನು ಆಚರಿಸಲಾಗುತ್ತದೆ. ಚಾಕೊಲೇಟ್ ಕೋಕೋ ಬೀಜಗಳಿಂದ ತಯಾರಾಗುತ್ತದೆ. ಮೊದಲು ಮಾಯಾ ಮತ್ತು ಅಜ್ಟೆಕ್ ನಾಗರಿಕತೆಯ ಜನರು ಕೋಕೋ ಬೀಜಗಳನ್ನು ಪಾನೀಯವಾಗಿ ಬಳಸುತ್ತಿದ್ದರು. ಅವರು ಇದನ್ನು ದೇವರ ಆಹಾರ ಎಂದು ಪರಿಗಣಿಸುತ್ತಿದ್ದರು. ನಂತರ ಸ್ಪೇನ್ ಜನರು ಇದಕ್ಕೆ ಸಕ್ಕರೆ ಸೇರಿಸಿ ಸಿಹಿ ಪಾನೀಯವನ್ನಾಗಿ ಮಾಡಿದರು. 19ನೇ ಶತಮಾನದಲ್ಲಿ ಘನ ರೂಪದ ಚಾಕೊಲೇಟ್ ತಯಾರಿಸಲಾಯಿತು. 2009 ರಲ್ಲಿ ಮೊದಲ ಬಾರಿಗೆ ವಿಶ್ವ ಚಾಕೊಲೇಟ್ ದಿನವನ್ನು ಆಚರಿಸಲಾಯಿತು. ಡಾರ್ಕ್ ಚಾಕೊಲೇಟ್ ಆರೋಗ್ಯಕ್ಕೆ ಒಳ್ಳೆಯದು ಎಂದು ಸಂಶೋಧನೆಗಳು ತಿಳಿಸುತ್ತವೆ.
ಸ್ವಲ್ಪ ಪ್ರಮಾಣದಲ್ಲಿ ಸೇವಿಸಿದರೆ ಹೃದಯದ ಆರೋಗ್ಯಕ್ಕೆ ಉತ್ತಮ, ರಕ್ತದೊತ್ತಡ ನಿಯಂತ್ರಣಕ್ಕೆ ಸಹಕಾರಿ. ಚಾಕೊಲೇಟ್ ಮನಸ್ಥಿತಿಯನ್ನು ಉತ್ತಮಗೊಳಿಸುತ್ತದೆ. ಇದರಲ್ಲಿರುವ ಆಂಟಿಆಕ್ಸಿಡೆಂಟ್‌ಗಳು ದೇಹಕ್ಕೆ ಪ್ರಯೋಜನಕಾರಿ. ಹಿರಿಯರು ಎಲ್ಲರೂ ಈ ಖಾದ್ಯವನ್ನು ಸವಿಯಬಹುದು. ಚಾಕೊಲೇಟ್‌ನಿಂದ ಕೇಕ್, ಐಸ್‌ಕ್ರೀಂ, ಮಿಲ್ಕ್‌ಶೇಕ್ ಹೀಗೆ ನಾನಾ ಖಾದ್ಯಗಳನ್ನು ತಯಾರಿಸಲಾಗುತ್ತದೆ. ಆದರೆ ಹೆಚ್ಚು ಸಕ್ಕರೆ ಇರುವ ಚಾಕೊಲೇಟ್ ಹೆಚ್ಚಾಗಿ ಸೇವಿಸುವುದು ಆರೋಗ್ಯಕ್ಕೆ ಹಾನಿಕಾರಕ. ಮಕ್ಕಳ ಹಲ್ಲುಗಳಿಗೆ ಹಾನಿ ಮಾಡಬಹುದು. ಹಾಗಾಗಿ ಮಿತವಾಗಿ ಸೇವಿಸಿ. ಈ ದಿನದಂದು ನಿಮ್ಮ ಪ್ರೀತಿಪಾತ್ರರಿಗೆ ಚಾಕೊಲೇಟ್ ನೀಡಿ ಸಿಹಿ ಹಂಚಿಕೊಳ್ಳಿ. ವಿಶ್ವದಾದ್ಯಂತ ಪ್ರತಿವರ್ಷ ಸುಮಾರು 7.5 ಮಿಲಿಯನ್ ಟನ್ ಚಾಕೊಲೇಟ್ ಸೇವಿಸಲಾಗುತ್ತದೆ. ಬೆಲ್ಜಿಯಂ ಮತ್ತು ಸ್ವಿಟ್ಜರ್ಲ್ಯಾಂಡ್ ಚಾಕೊಲೇಟ್‌ಗೆ ಹೆಸರುವಾಸಿಯಾದ ದೇಶಗಳು.
